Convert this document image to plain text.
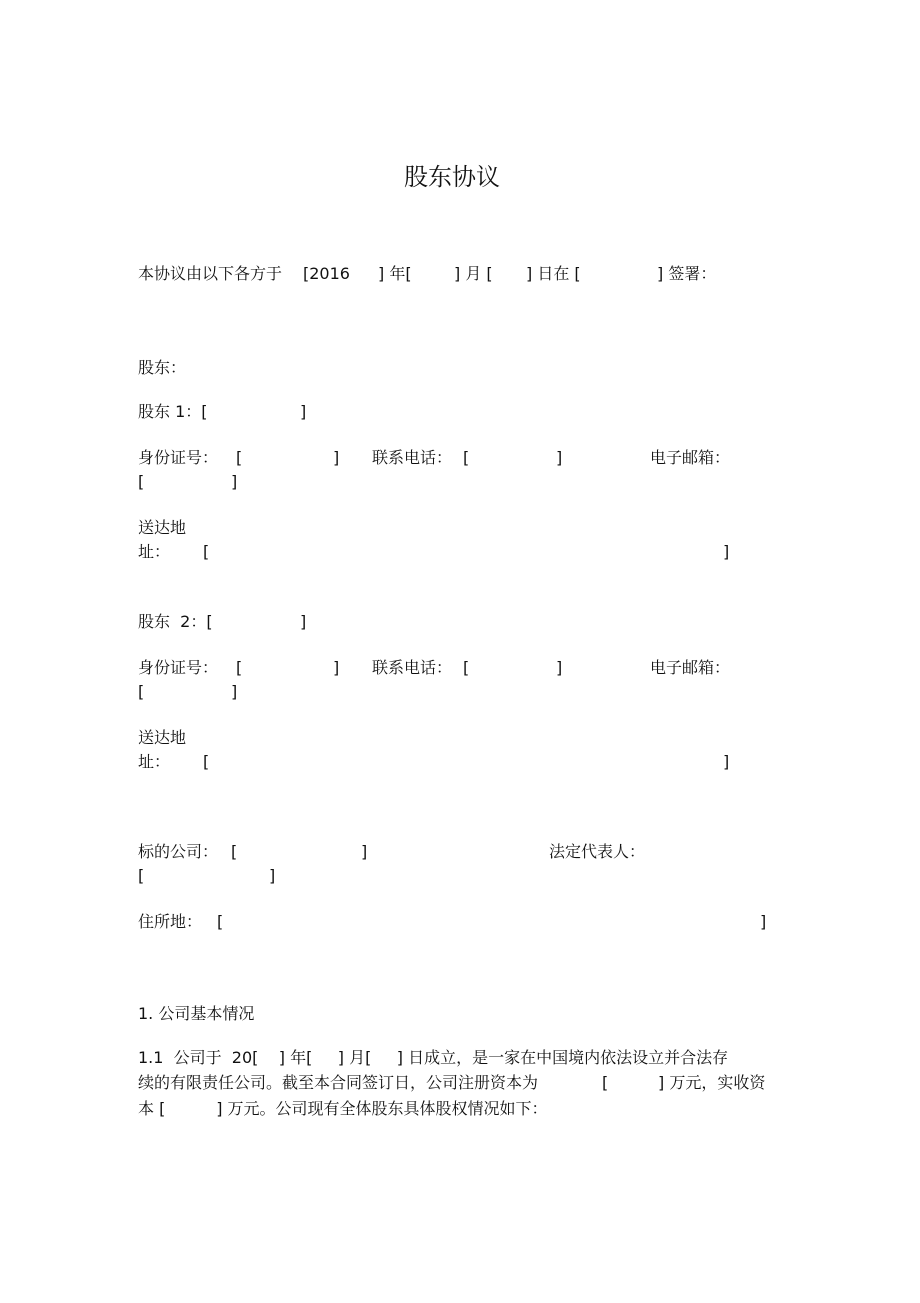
股东协议
本协议由以下各方于 [2016 ] 年[	] 月 [ ] 日在 [	] 签署：
股东：
股东 1：[	]
身份证号： [	] 联系电话： [	]	电子邮箱：
[	]
送达地
址： [	]
股东  2：[	]
身份证号： [	] 联系电话： [	]	电子邮箱：
[	]
送达地
址： [	]
标的公司： [	]	法定代表人：
[	]
住所地： [	]
1. 公司基本情况
1.1  公司于  20[    ] 年[     ] 月[     ] 日成立，是一家在中国境内依法设立并合法存
续的有限责任公司。截至本合同签订日，公司注册资本为	[	] 万元，实收资
本 [          ] 万元。公司现有全体股东具体股权情况如下：
